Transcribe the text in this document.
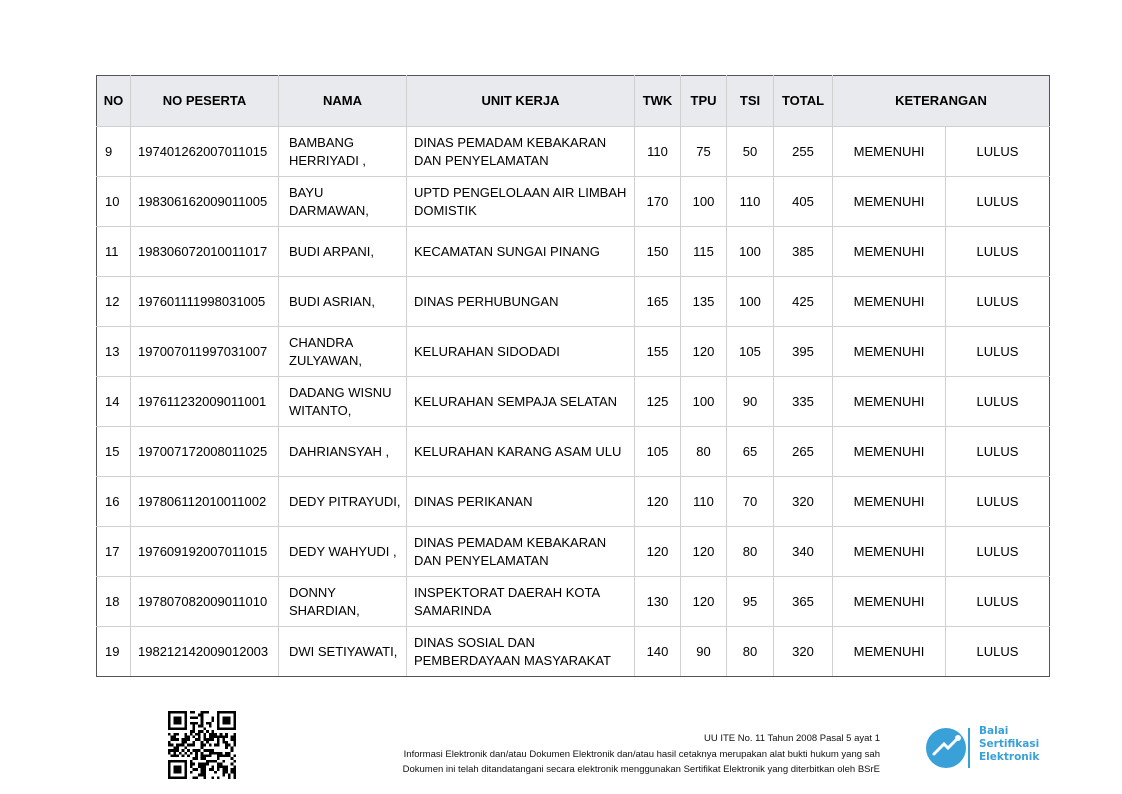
NO	NO PESERTA	NAMA	UNIT KERJA	TWK	TPU	TSI	TOTAL	KETERANGAN	
9	197401262007011015	BAMBANG HERRIYADI ,	DINAS PEMADAM KEBAKARAN DAN PENYELAMATAN	110	75	50	255	MEMENUHI	LULUS
10	198306162009011005	BAYU DARMAWAN,	UPTD PENGELOLAAN AIR LIMBAH DOMISTIK	170	100	110	405	MEMENUHI	LULUS
11	198306072010011017	BUDI ARPANI,	KECAMATAN SUNGAI PINANG	150	115	100	385	MEMENUHI	LULUS
12	197601111998031005	BUDI ASRIAN,	DINAS PERHUBUNGAN	165	135	100	425	MEMENUHI	LULUS
13	197007011997031007	CHANDRA ZULYAWAN,	KELURAHAN SIDODADI	155	120	105	395	MEMENUHI	LULUS
14	197611232009011001	DADANG WISNU WITANTO,	KELURAHAN SEMPAJA SELATAN	125	100	90	335	MEMENUHI	LULUS
15	197007172008011025	DAHRIANSYAH ,	KELURAHAN KARANG ASAM ULU	105	80	65	265	MEMENUHI	LULUS
16	197806112010011002	DEDY PITRAYUDI,	DINAS PERIKANAN	120	110	70	320	MEMENUHI	LULUS
17	197609192007011015	DEDY WAHYUDI ,	DINAS PEMADAM KEBAKARAN DAN PENYELAMATAN	120	120	80	340	MEMENUHI	LULUS
18	197807082009011010	DONNY SHARDIAN,	INSPEKTORAT DAERAH KOTA SAMARINDA	130	120	95	365	MEMENUHI	LULUS
19	198212142009012003	DWI SETIYAWATI,	DINAS SOSIAL DAN PEMBERDAYAAN MASYARAKAT	140	90	80	320	MEMENUHI	LULUS
UU ITE No. 11 Tahun 2008 Pasal 5 ayat 1
Informasi Elektronik dan/atau Dokumen Elektronik dan/atau hasil cetaknya merupakan alat bukti hukum yang sah
Dokumen ini telah ditandatangani secara elektronik menggunakan Sertifikat Elektronik yang diterbitkan oleh BSrE
Balai
Sertifikasi
Elektronik
